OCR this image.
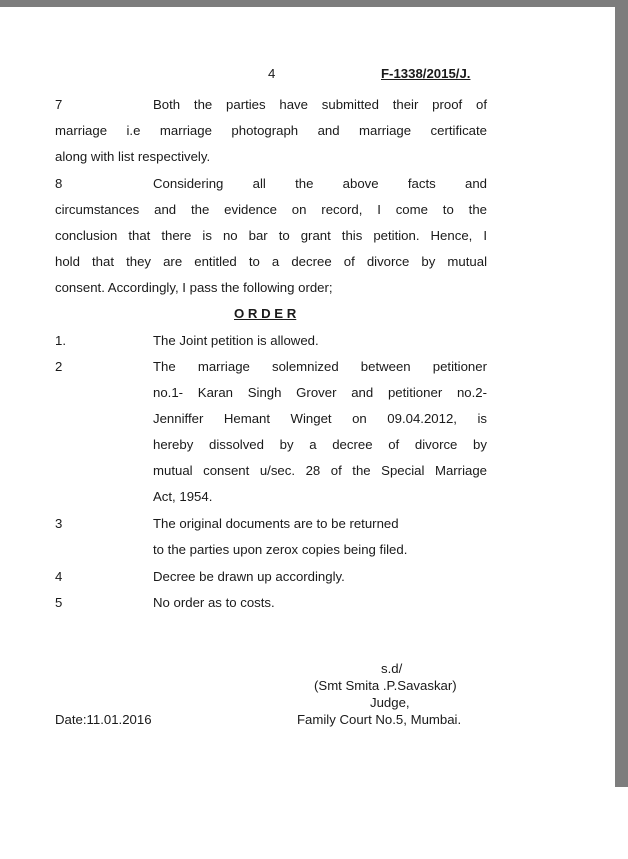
4	F-1338/2015/J.
7	Both the parties have submitted their proof of
marriage i.e marriage photograph and marriage certificate
along with list respectively.
8	Considering all the above facts and
circumstances and the evidence on record, I come to the
conclusion that there is no bar to grant this petition. Hence, I
hold that they are entitled to a decree of divorce by mutual
consent. Accordingly, I pass the following order;
O R D E R
1.	The Joint petition is allowed.
2	The marriage solemnized between petitioner
no.1- Karan Singh Grover and petitioner no.2-
Jenniffer Hemant Winget on 09.04.2012, is
hereby dissolved by a decree of divorce by
mutual consent u/sec. 28 of the Special Marriage
Act, 1954.
3	The original documents are to be returned
to the parties upon zerox copies being filed.
4	Decree be drawn up accordingly.
5	No order as to costs.
s.d/
(Smt Smita .P.Savaskar)
Judge,
Family Court No.5, Mumbai.
Date:11.01.2016
